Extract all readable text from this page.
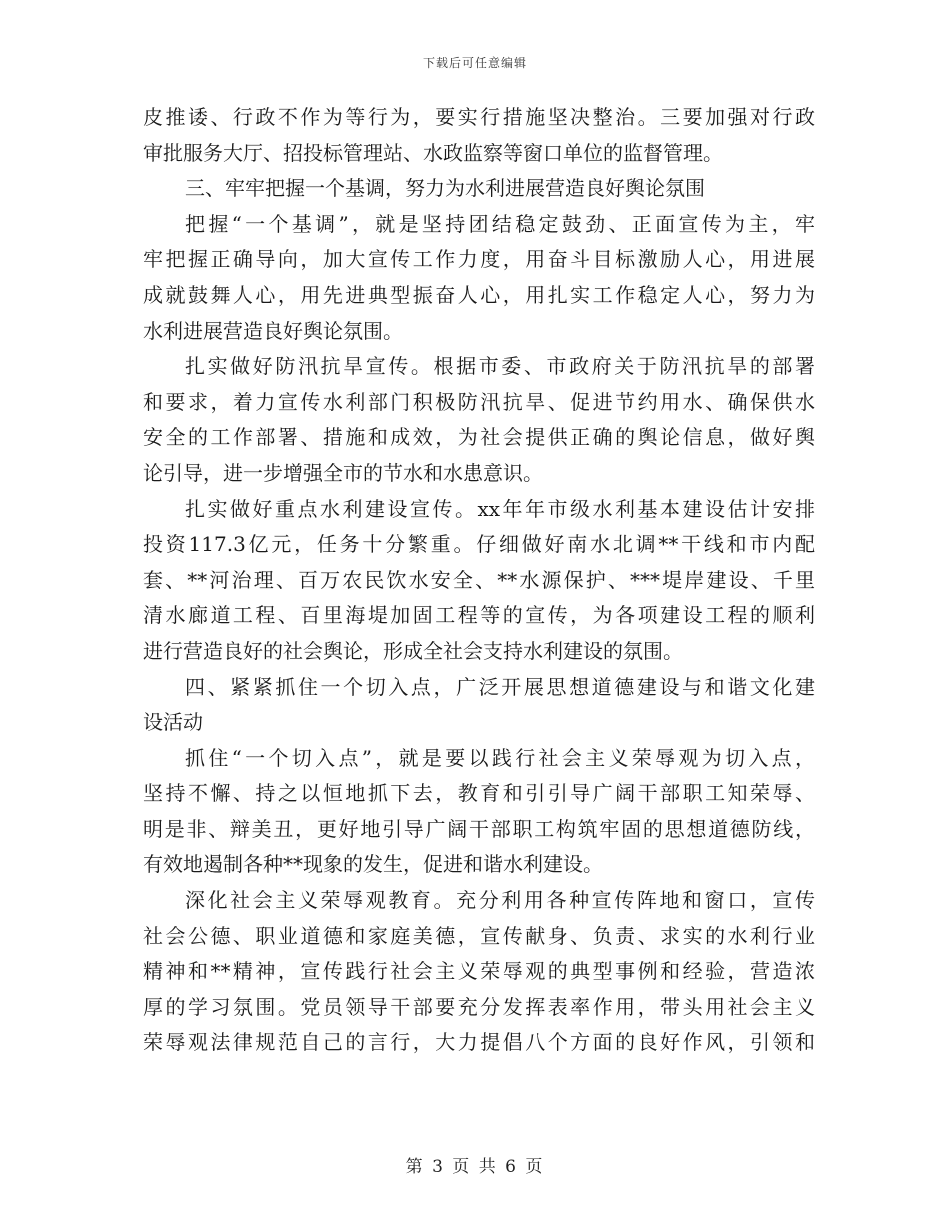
下载后可任意编辑
皮推诿、行政不作为等行为，要实行措施坚决整治。三要加强对行政
审批服务大厅、招投标管理站、水政监察等窗口单位的监督管理。
三、牢牢把握一个基调，努力为水利进展营造良好舆论氛围
把握“一个基调”，就是坚持团结稳定鼓劲、正面宣传为主，牢
牢把握正确导向，加大宣传工作力度，用奋斗目标激励人心，用进展
成就鼓舞人心，用先进典型振奋人心，用扎实工作稳定人心，努力为
水利进展营造良好舆论氛围。
扎实做好防汛抗旱宣传。根据市委、市政府关于防汛抗旱的部署
和要求，着力宣传水利部门积极防汛抗旱、促进节约用水、确保供水
安全的工作部署、措施和成效，为社会提供正确的舆论信息，做好舆
论引导，进一步增强全市的节水和水患意识。
扎实做好重点水利建设宣传。xx年年市级水利基本建设估计安排
投资117.3亿元，任务十分繁重。仔细做好南水北调**干线和市内配
套、**河治理、百万农民饮水安全、**水源保护、***堤岸建设、千里
清水廊道工程、百里海堤加固工程等的宣传，为各项建设工程的顺利
进行营造良好的社会舆论，形成全社会支持水利建设的氛围。
四、紧紧抓住一个切入点，广泛开展思想道德建设与和谐文化建
设活动
抓住“一个切入点”，就是要以践行社会主义荣辱观为切入点，
坚持不懈、持之以恒地抓下去，教育和引引导广阔干部职工知荣辱、
明是非、辩美丑，更好地引导广阔干部职工构筑牢固的思想道德防线，
有效地遏制各种**现象的发生，促进和谐水利建设。
深化社会主义荣辱观教育。充分利用各种宣传阵地和窗口，宣传
社会公德、职业道德和家庭美德，宣传献身、负责、求实的水利行业
精神和**精神，宣传践行社会主义荣辱观的典型事例和经验，营造浓
厚的学习氛围。党员领导干部要充分发挥表率作用，带头用社会主义
荣辱观法律规范自己的言行，大力提倡八个方面的良好作风，引领和
第 3 页 共 6 页
